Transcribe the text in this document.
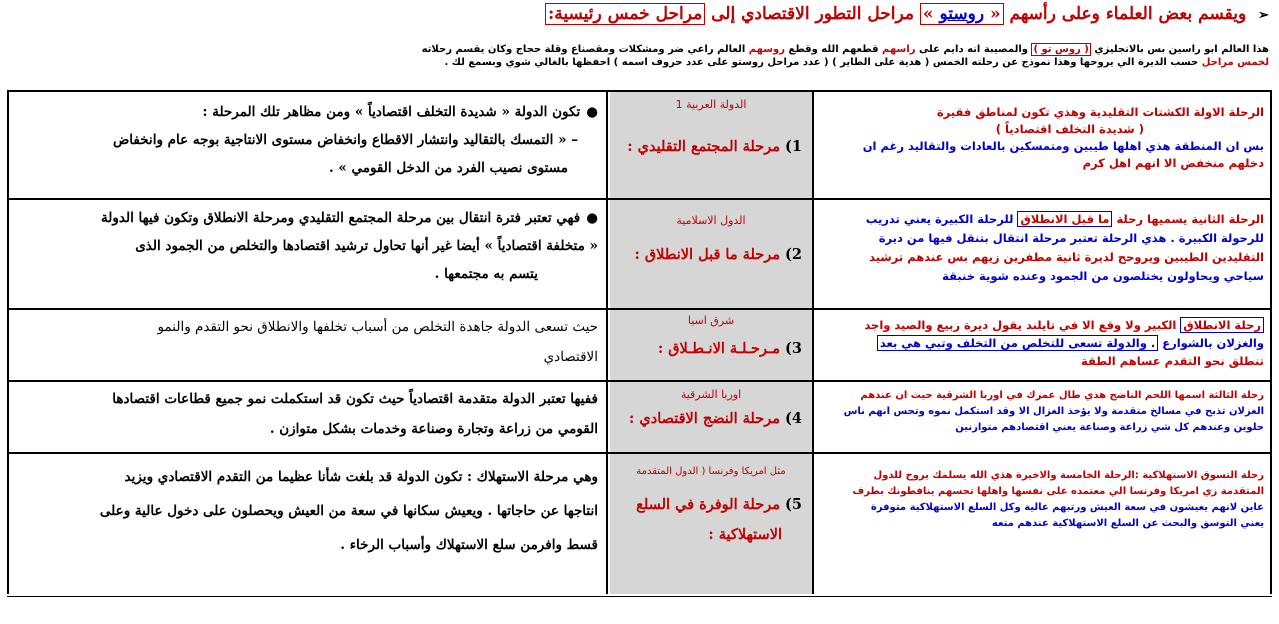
➢ ويقسم بعض العلماء وعلى رأسهم « روستو » مراحل التطور الاقتصادي إلى مراحل خمس رئيسية:
هذا العالم ابو راسين بس بالانجليزي ( روس تو ) والمصيبة انه دايم على راسهم قطعهم الله وقطع روسهم العالم راعي ضر ومشكلات ومقصناع وقلة حجاج وكان يقسم رحلاته
لخمس مراحل حسب الديرة الي يروحها وهذا نموذج عن رحلته الخمس ( هدية على الطاير ) ( عدد مراحل روستو على عدد حروف اسمه ) احفظها بالغالي شوي وبسمع لك .
●تكون الدولة « شديدة التخلف اقتصادياً » ومن مظاهر تلك المرحلة :
– « التمسك بالتقاليد وانتشار الاقطاع وانخفاض مستوى الانتاجية بوجه عام وانخفاض
مستوى نصيب الفرد من الدخل القومي » .
الدولة العربية 1
1) مرحلة المجتمع التقليدي :
الرحلة الاولة الكشتات التقليدية وهذي تكون لمناطق فقيرة
( شديدة التخلف اقتصادياً )
بس ان المنطقة هذي اهلها طيبين ومتمسكين بالعادات والتقاليد رغم ان
دخلهم منخفض الا انهم اهل كرم
●فهي تعتبر فترة انتقال بين مرحلة المجتمع التقليدي ومرحلة الانطلاق وتكون فيها الدولة
« متخلفة اقتصادياً » أيضا غير أنها تحاول ترشيد اقتصادها والتخلص من الجمود الذى
يتسم به مجتمعها .
الدول الاسلامية
2) مرحلة ما قبل الانطلاق :
الرحلة الثانية يسميها رحلة ما قبل الانطلاق للرحلة الكبيرة يعني تدريب
للرحولة الكبيرة . هذي الرحلة تعتبر مرحلة انتقال بتنقل فيها من ديرة
التقليدين الطيبين ويروحح لديرة ثانية مطفرين زيهم بس عندهم ترشيد
سياحي ويحاولون يختلصون من الجمود وعنده شوية خنبقة
حيث تسعى الدولة جاهدة التخلص من أسباب تخلفها والانطلاق نحو التقدم والنمو
الاقتصادي
شرق اسيا
3) مـرحـلـة الانـطـلاق :
رحلة الانطلاق الكبير ولا وقع الا في تايلند يقول ديرة ربيع والصيد واجد
والغزلان بالشوارع . والدولة تسعى للتخلص من التخلف وتبي هي بعد
تنطلق نحو التقدم عساهم الطقة
ففيها تعتبر الدولة متقدمة اقتصادياً حيث تكون قد استكملت نمو جميع قطاعات اقتصادها
القومي من زراعة وتجارة وصناعة وخدمات بشكل متوازن .
اوربا الشرقية
4) مرحلة النضج الاقتصادي :
رحلة الثالثة اسمها اللحم الناضج هذي طال عمرك في اوربا الشرقية حيث ان عندهم
الغزلان تذبح في مسالخ متقدمة ولا يؤخذ الغزال الا وقد استكمل نموه وتحس انهم ناس
حلوين وعندهم كل شي زراعة وصناعة يعني اقتصادهم متوازنين
وهي مرحلة الاستهلاك : تكون الدولة قد بلغت شأنا عظيما من التقدم الاقتصادي ويزيد
انتاجها عن حاجاتها . ويعيش سكانها في سعة من العيش ويحصلون على دخول عالية وعلى
قسط وافرمن سلع الاستهلاك وأسباب الرخاء .
مثل امريكا وفرنسا ( الدول المتقدمة
5) مرحلة الوفرة في السلع
الاستهلاكية :
رحلة التسوق الاستهلاكية :الرحلة الخامسة والاخيرة هذي الله يسلمك يروح للدول
المتقدمة زي امريكا وفرنسا الي معتمده على نفسها واهلها تحسهم ينافطونك بطرف
عاين لانهم يعيشون في سعة العيش ورتبهم عالية وكل السلع الاستهلاكية متوفرة
يعني التوسق والبحث عن السلع الاستهلاكية عندهم متعه
